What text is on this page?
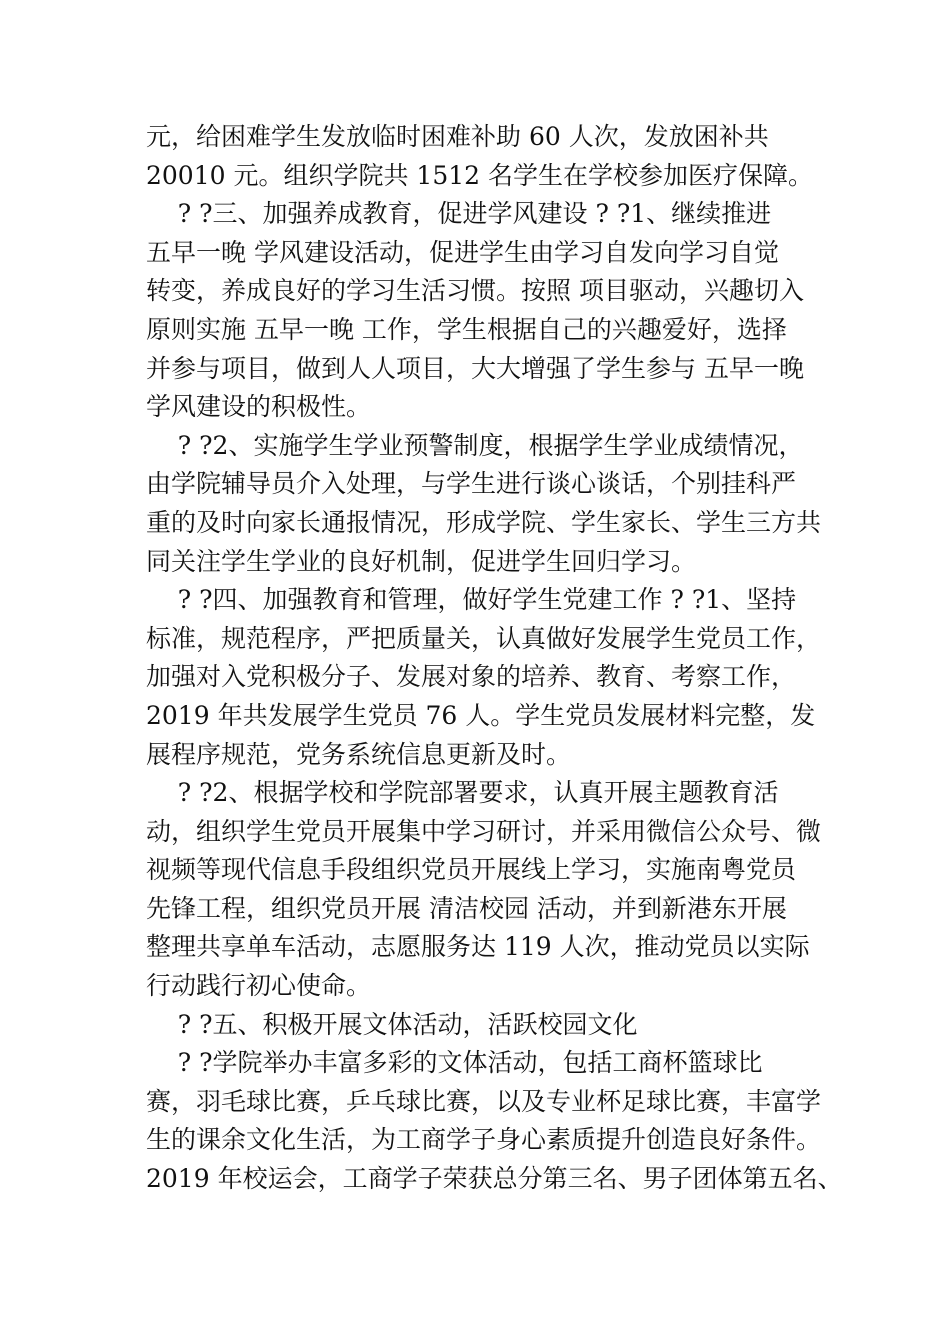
元，给困难学生发放临时困难补助 60 人次，发放困补共
20010 元。组织学院共 1512 名学生在学校参加医疗保障。
? ?三、加强养成教育，促进学风建设 ? ?1、继续推进
五早一晚 学风建设活动，促进学生由学习自发向学习自觉
转变，养成良好的学习生活习惯。按照 项目驱动，兴趣切入
原则实施 五早一晚 工作，学生根据自己的兴趣爱好，选择
并参与项目，做到人人项目，大大增强了学生参与 五早一晚
学风建设的积极性。
? ?2、实施学生学业预警制度，根据学生学业成绩情况，
由学院辅导员介入处理，与学生进行谈心谈话，个别挂科严
重的及时向家长通报情况，形成学院、学生家长、学生三方共
同关注学生学业的良好机制，促进学生回归学习。
? ?四、加强教育和管理，做好学生党建工作 ? ?1、坚持
标准，规范程序，严把质量关，认真做好发展学生党员工作，
加强对入党积极分子、发展对象的培养、教育、考察工作，
2019 年共发展学生党员 76 人。学生党员发展材料完整，发
展程序规范，党务系统信息更新及时。
? ?2、根据学校和学院部署要求，认真开展主题教育活
动，组织学生党员开展集中学习研讨，并采用微信公众号、微
视频等现代信息手段组织党员开展线上学习，实施南粤党员
先锋工程，组织党员开展 清洁校园 活动，并到新港东开展
整理共享单车活动，志愿服务达 119 人次，推动党员以实际
行动践行初心使命。
? ?五、积极开展文体活动，活跃校园文化
? ?学院举办丰富多彩的文体活动，包括工商杯篮球比
赛，羽毛球比赛，乒乓球比赛，以及专业杯足球比赛，丰富学
生的课余文化生活，为工商学子身心素质提升创造良好条件。
2019 年校运会，工商学子荣获总分第三名、男子团体第五名、
